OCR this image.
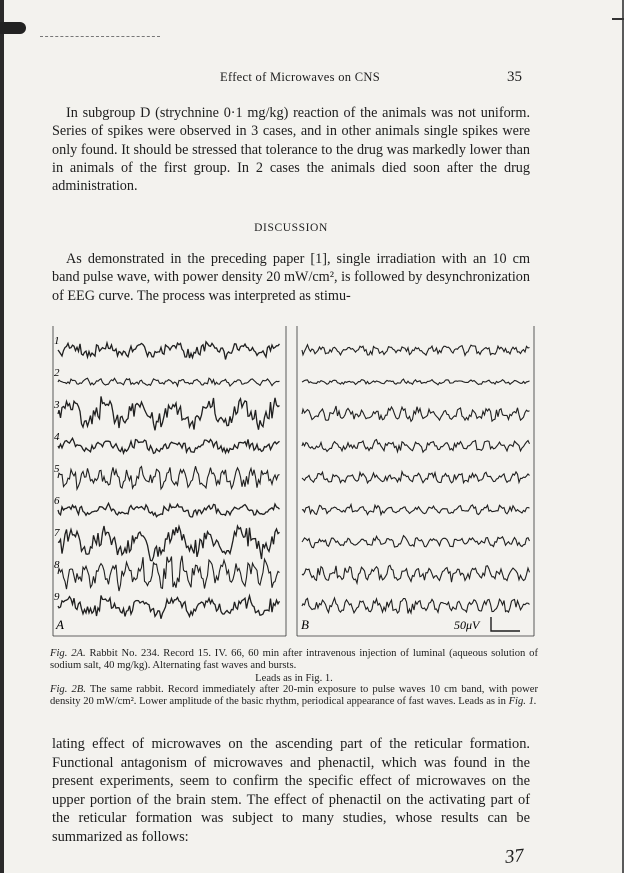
Effect of Microwaves on CNS	35

In subgroup D (strychnine 0·1 mg/kg) reaction of the animals was not uniform. Series of spikes were observed in 3 cases, and in other animals single spikes were only found. It should be stressed that tolerance to the drug was markedly lower than in animals of the first group. In 2 cases the animals died soon after the drug administration.

DISCUSSION

As demonstrated in the preceding paper [1], single irradiation with an 10 cm band pulse wave, with power density 20 mW/cm², is followed by desynchronization of EEG curve. The process was interpreted as stimu-

1
2
3
4
5
6
7
8
9
A	B	50μV

Fig. 2A. Rabbit No. 234. Record 15. IV. 66, 60 min after intravenous injection of luminal (aqueous solution of sodium salt, 40 mg/kg). Alternating fast waves and bursts.
Leads as in Fig. 1.

Fig. 2B. The same rabbit. Record immediately after 20-min exposure to pulse waves 10 cm band, with power density 20 mW/cm². Lower amplitude of the basic rhythm, periodical appearance of fast waves. Leads as in Fig. 1.

lating effect of microwaves on the ascending part of the reticular formation. Functional antagonism of microwaves and phenactil, which was found in the present experiments, seem to confirm the specific effect of microwaves on the upper portion of the brain stem. The effect of phenactil on the activating part of the reticular formation was subject to many studies, whose results can be summarized as follows:

37
